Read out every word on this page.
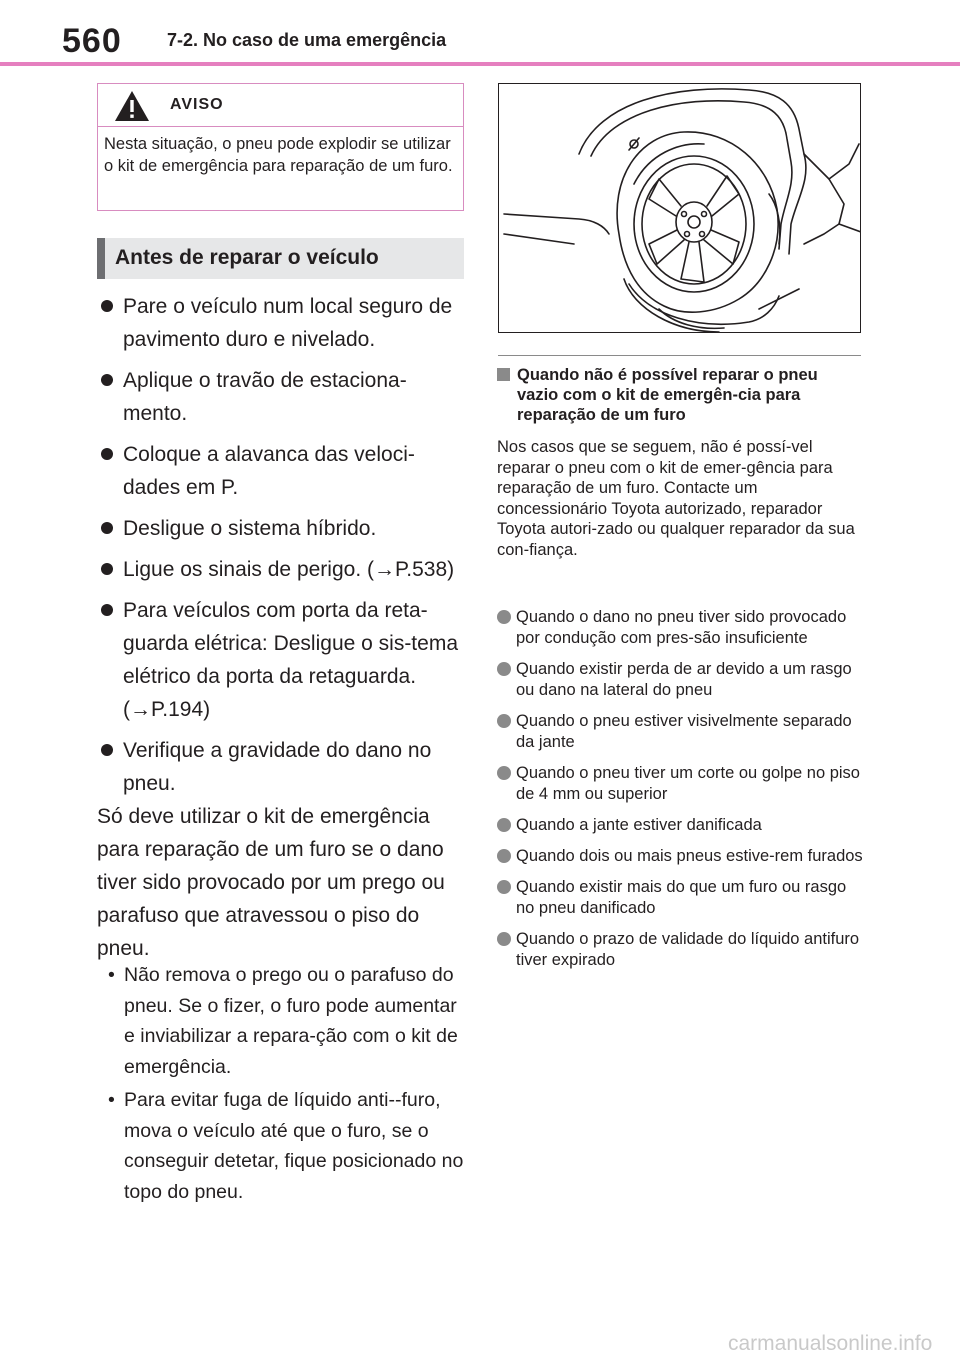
560	7-2. No caso de uma emergência
AVISO
Nesta situação, o pneu pode explodir se utilizar o kit de emergência para reparação de um furo.
Antes de reparar o veículo
Pare o veículo num local seguro de pavimento duro e nivelado.
Aplique o travão de estaciona-mento.
Coloque a alavanca das veloci-dades em P.
Desligue o sistema híbrido.
Ligue os sinais de perigo. (→P.538)
Para veículos com porta da reta-guarda elétrica: Desligue o sis-tema elétrico da porta da retaguarda. (→P.194)
Verifique a gravidade do dano no pneu.
Só deve utilizar o kit de emergência para reparação de um furo se o dano tiver sido provocado por um prego ou parafuso que atravessou o piso do pneu.
• Não remova o prego ou o parafuso do pneu. Se o fizer, o furo pode aumentar e inviabilizar a repara-ção com o kit de emergência.
• Para evitar fuga de líquido anti--furo, mova o veículo até que o furo, se o conseguir detetar, fique posicionado no topo do pneu.
Quando não é possível reparar o pneu vazio com o kit de emergên-cia para reparação de um furo
Nos casos que se seguem, não é possí-vel reparar o pneu com o kit de emer-gência para reparação de um furo. Contacte um concessionário Toyota autorizado, reparador Toyota autori-zado ou qualquer reparador da sua con-fiança.
Quando o dano no pneu tiver sido provocado por condução com pres-são insuficiente
Quando existir perda de ar devido a um rasgo ou dano na lateral do pneu
Quando o pneu estiver visivelmente separado da jante
Quando o pneu tiver um corte ou golpe no piso de 4 mm ou superior
Quando a jante estiver danificada
Quando dois ou mais pneus estive-rem furados
Quando existir mais do que um furo ou rasgo no pneu danificado
Quando o prazo de validade do líquido antifuro tiver expirado
carmanualsonline.info
